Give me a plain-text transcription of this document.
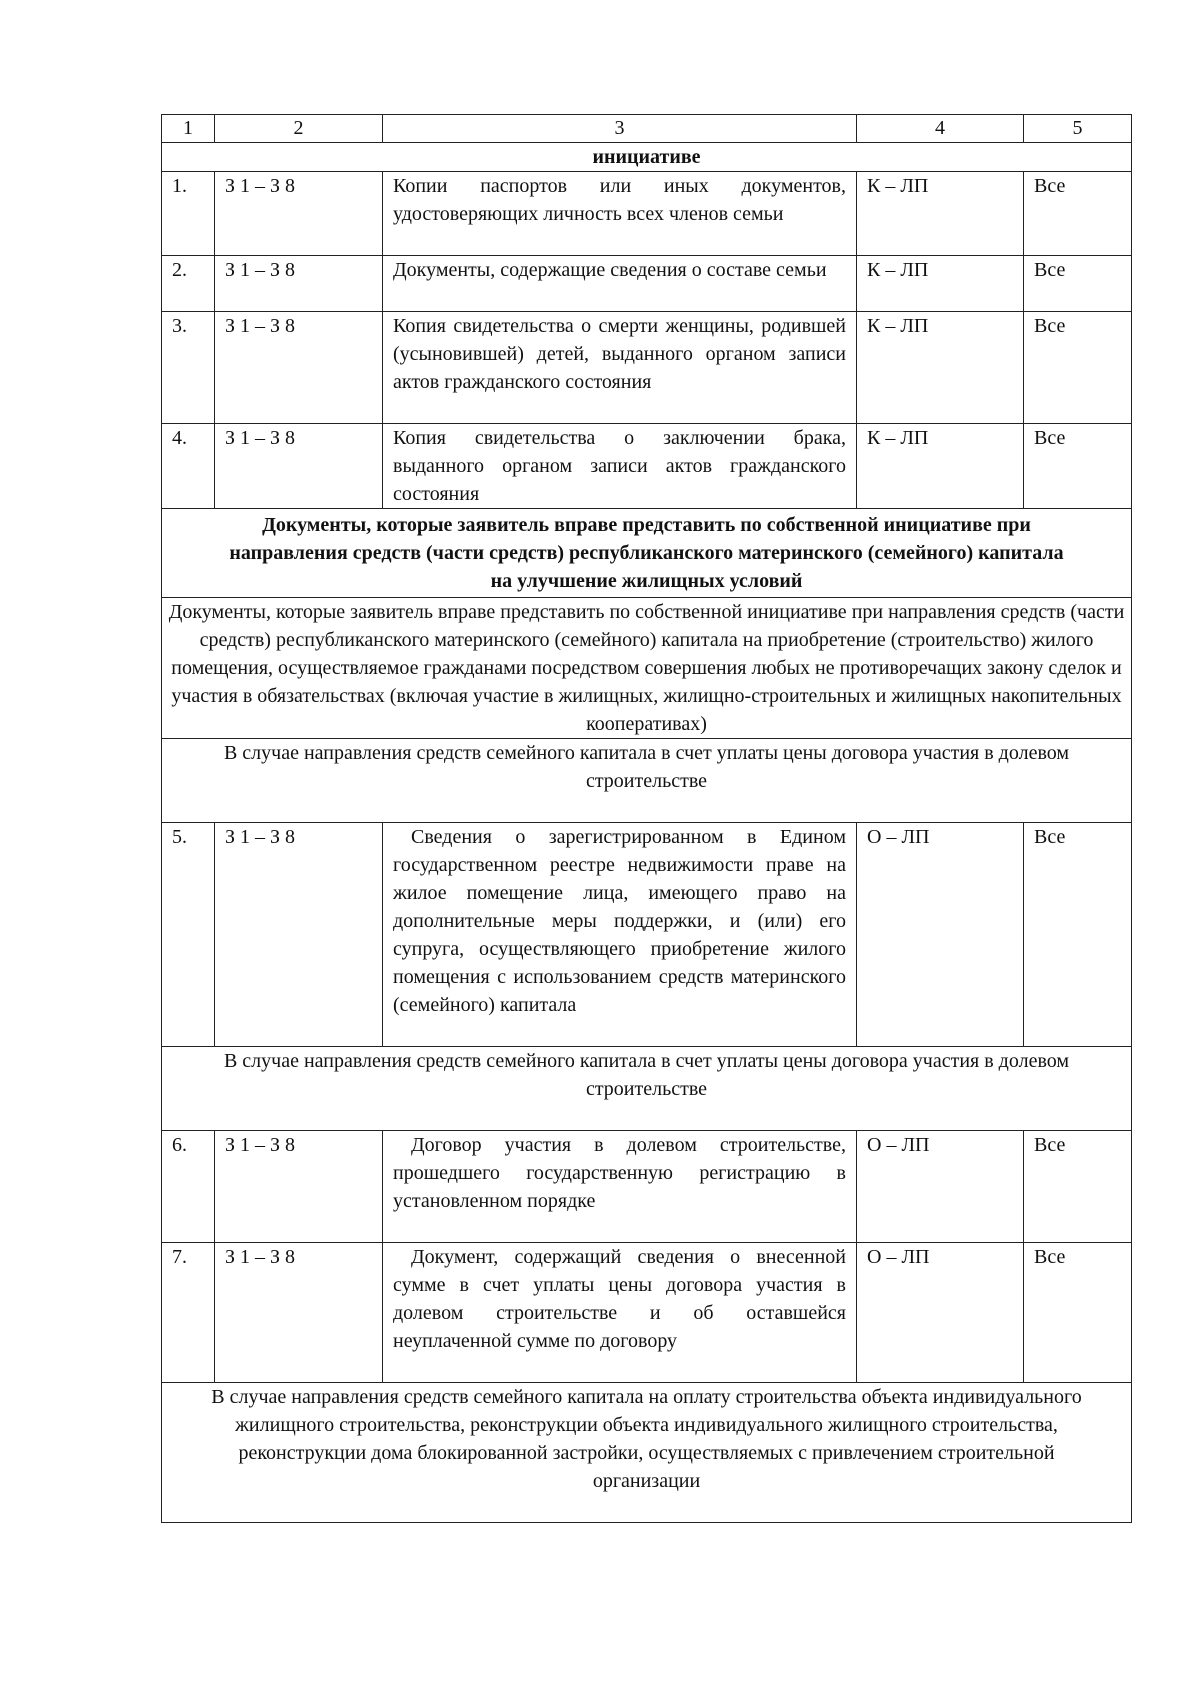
1	2	3	4	5
инициативе				
1.	З 1 – З 8	Копии паспортов или иных документов, удостоверяющих личность всех членов семьи	К – ЛП	Все
2.	З 1 – З 8	Документы, содержащие сведения о составе семьи	К – ЛП	Все
3.	З 1 – З 8	Копия свидетельства о смерти женщины, родившей (усыновившей) детей, выданного органом записи актов гражданского состояния	К – ЛП	Все
4.	З 1 – З 8	Копия свидетельства о заключении брака, выданного органом записи актов гражданского состояния	К – ЛП	Все
Документы, которые заявитель вправе представить по собственной инициативе при направления средств (части средств) республиканского материнского (семейного) капитала на улучшение жилищных условий				
Документы, которые заявитель вправе представить по собственной инициативе при направления средств (части средств) республиканского материнского (семейного) капитала на приобретение (строительство) жилого помещения, осуществляемое гражданами посредством совершения любых не противоречащих закону сделок и участия в обязательствах (включая участие в жилищных, жилищно-строительных и жилищных накопительных кооперативах)				
В случае направления средств семейного капитала в счет уплаты цены договора участия в долевом строительстве				
5.	З 1 – З 8	Сведения о зарегистрированном в Едином государственном реестре недвижимости праве на жилое помещение лица, имеющего право на дополнительные меры поддержки, и (или) его супруга, осуществляющего приобретение жилого помещения с использованием средств материнского (семейного) капитала	О – ЛП	Все
В случае направления средств семейного капитала в счет уплаты цены договора участия в долевом строительстве				
6.	З 1 – З 8	Договор участия в долевом строительстве, прошедшего государственную регистрацию в установленном порядке	О – ЛП	Все
7.	З 1 – З 8	Документ, содержащий сведения о внесенной сумме в счет уплаты цены договора участия в долевом строительстве и об оставшейся неуплаченной сумме по договору	О – ЛП	Все
В случае направления средств семейного капитала на оплату строительства объекта индивидуального жилищного строительства, реконструкции объекта индивидуального жилищного строительства, реконструкции дома блокированной застройки, осуществляемых с привлечением строительной организации				
